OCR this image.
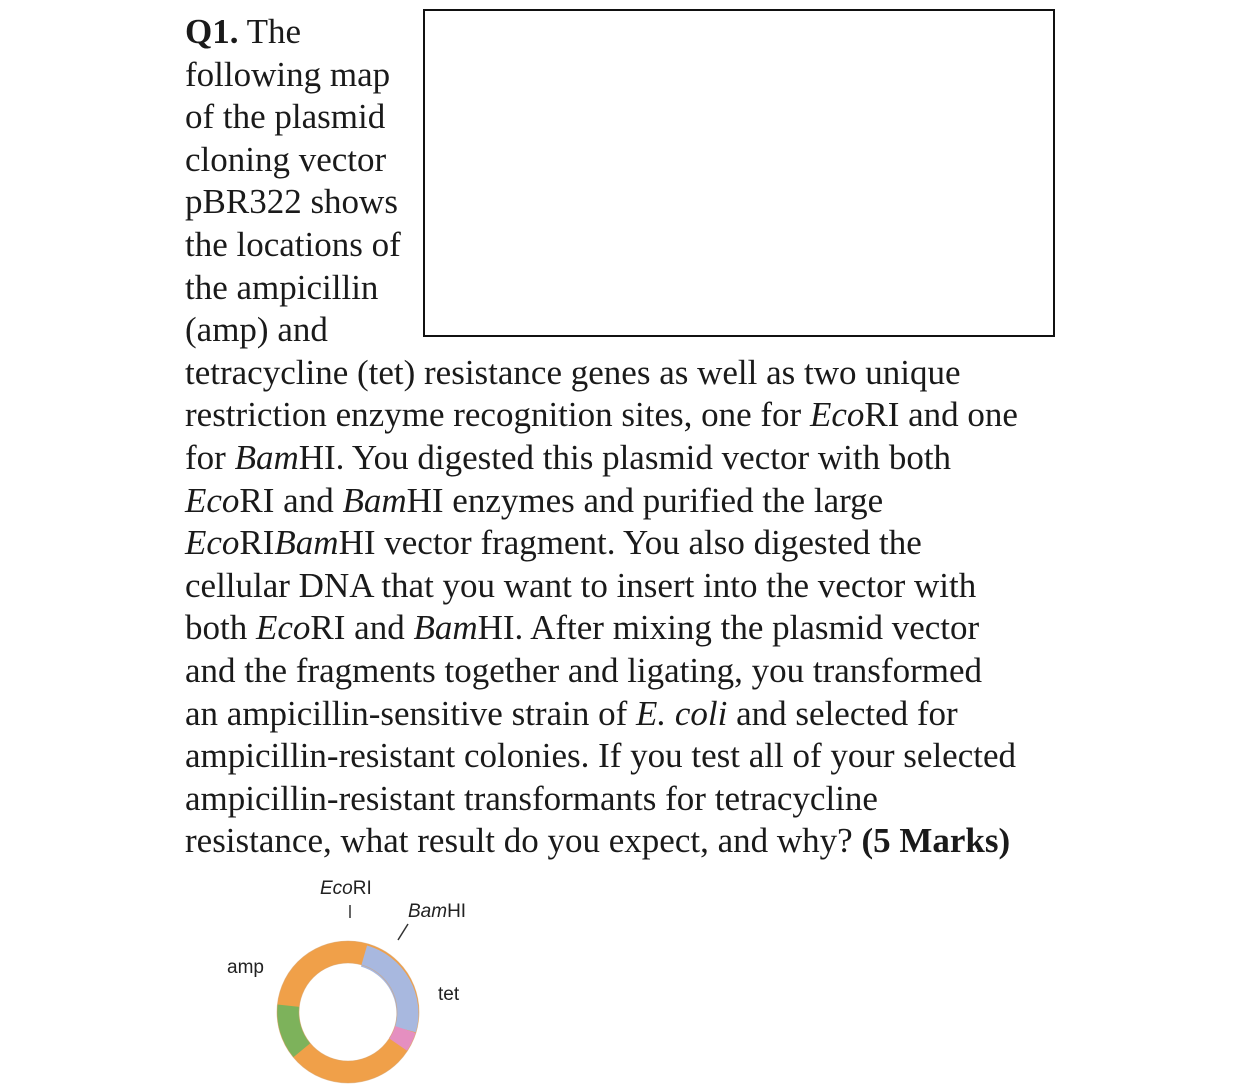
Q1. The
following map
of the plasmid
cloning vector
pBR322 shows
the locations of
the ampicillin
(amp) and
tetracycline (tet) resistance genes as well as two unique
restriction enzyme recognition sites, one for EcoRI and one
for BamHI. You digested this plasmid vector with both
EcoRI and BamHI enzymes and purified the large
EcoRIBamHI vector fragment. You also digested the
cellular DNA that you want to insert into the vector with
both EcoRI and BamHI. After mixing the plasmid vector
and the fragments together and ligating, you transformed
an ampicillin-sensitive strain of E. coli and selected for
ampicillin-resistant colonies. If you test all of your selected
ampicillin-resistant transformants for tetracycline
resistance, what result do you expect, and why? (5 Marks)
EcoRI
BamHI
amp
tet
